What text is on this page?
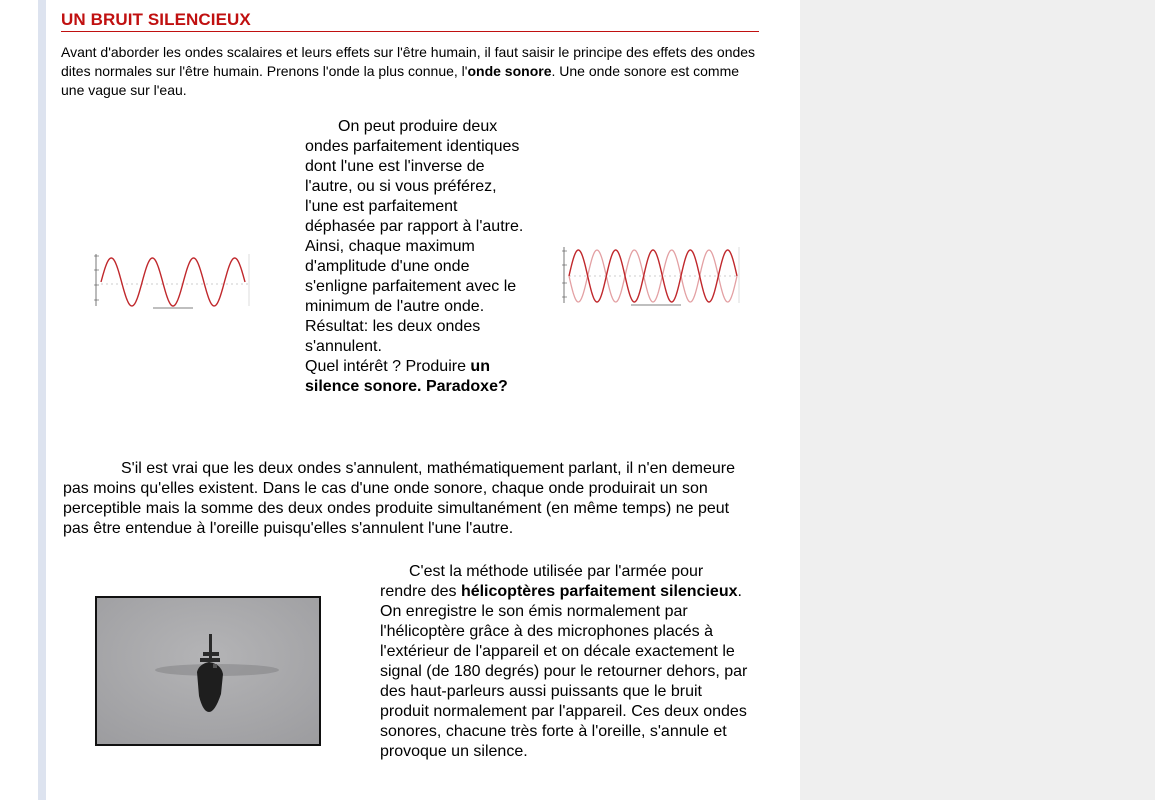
UN BRUIT SILENCIEUX
Avant d'aborder les ondes scalaires et leurs effets sur l'être humain, il faut saisir le principe des effets des ondes dites normales sur l'être humain. Prenons l'onde la plus connue, l'onde sonore. Une onde sonore est comme une vague sur l'eau.
On peut produire deux ondes parfaitement identiques dont l'une est l'inverse de l'autre, ou si vous préférez, l'une est parfaitement déphasée par rapport à l'autre. Ainsi, chaque maximum d'amplitude d'une onde s'enligne parfaitement avec le minimum de l'autre onde. Résultat: les deux ondes s'annulent.
Quel intérêt ? Produire un silence sonore. Paradoxe?
S'il est vrai que les deux ondes s'annulent, mathématiquement parlant, il n'en demeure pas moins qu'elles existent. Dans le cas d'une onde sonore, chaque onde produirait un son perceptible mais la somme des deux ondes produite simultanément (en même temps) ne peut pas être entendue à l'oreille puisqu'elles s'annulent l'une l'autre.
C'est la méthode utilisée par l'armée pour rendre des hélicoptères parfaitement silencieux. On enregistre le son émis normalement par l'hélicoptère grâce à des microphones placés à l'extérieur de l'appareil et on décale exactement le signal (de 180 degrés) pour le retourner dehors, par des haut-parleurs aussi puissants que le bruit produit normalement par l'appareil. Ces deux ondes sonores, chacune très forte à l'oreille, s'annule et provoque un silence.
